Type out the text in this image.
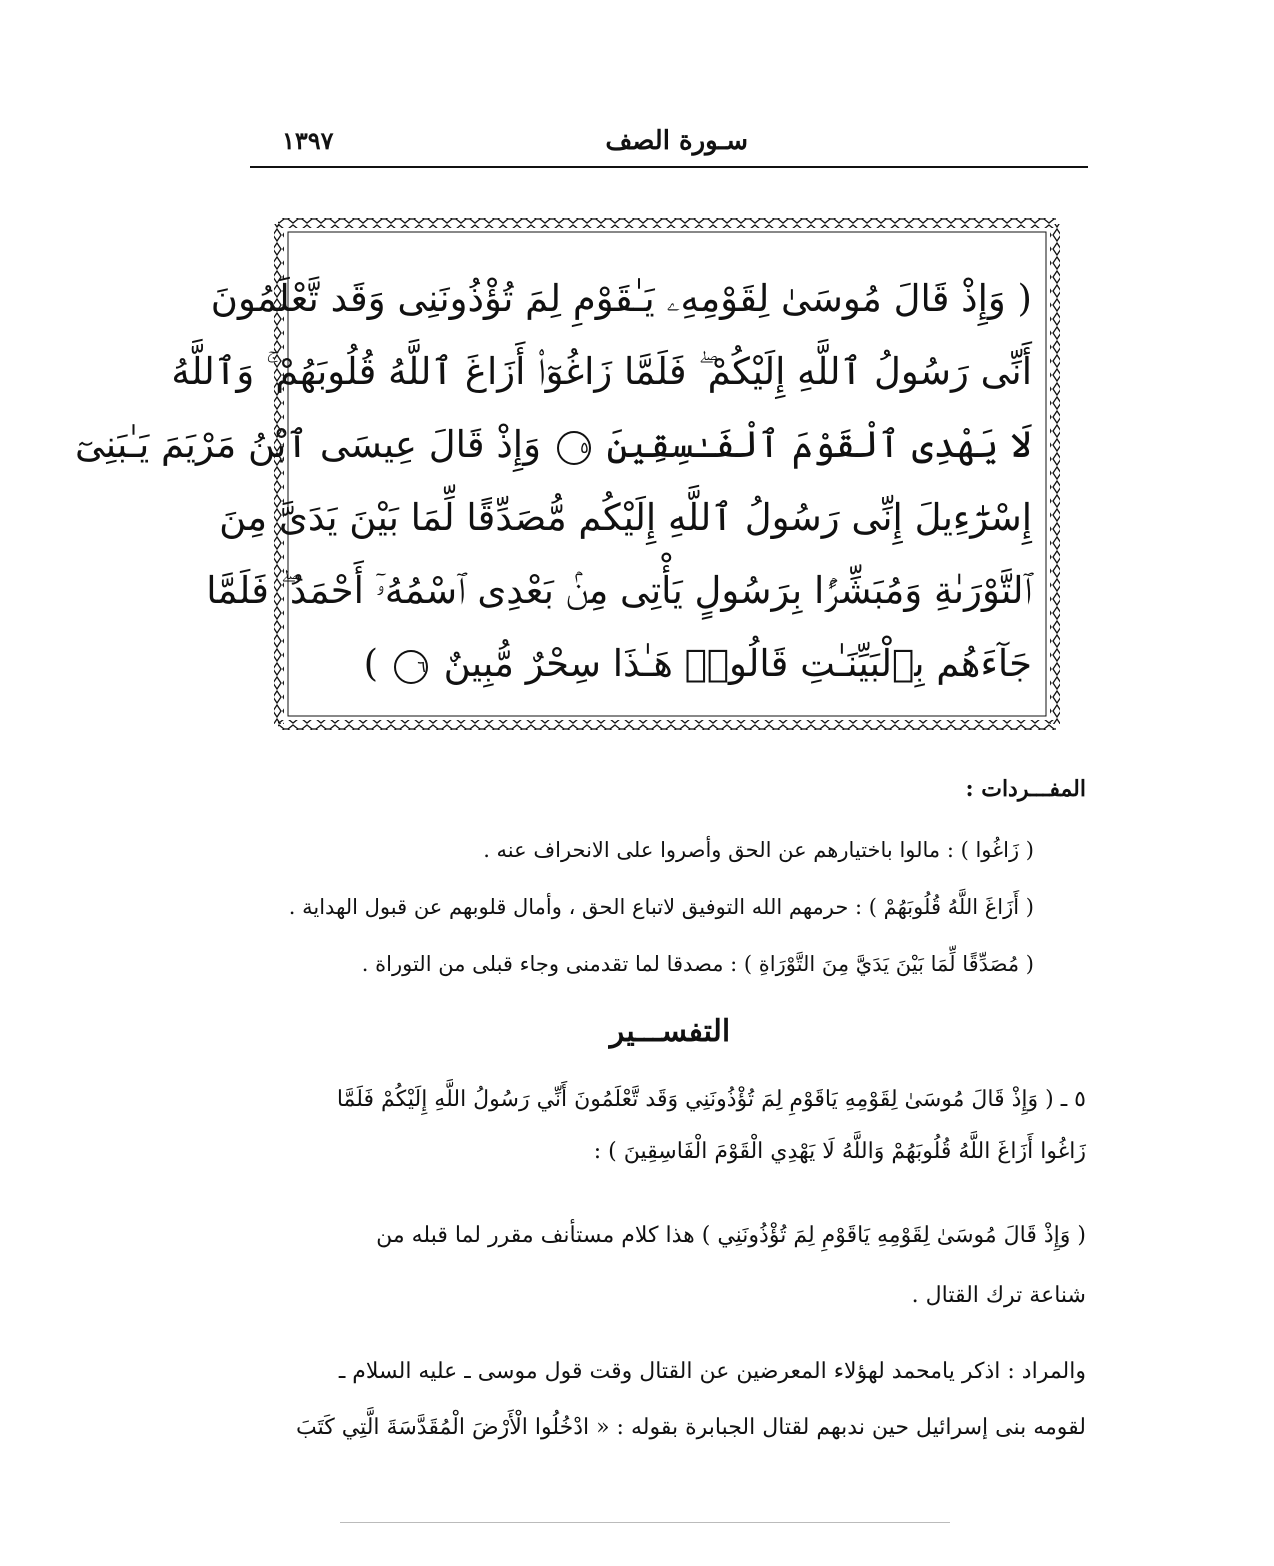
سـورة الصف
١٣٩٧
( وَإِذْ قَالَ مُوسَىٰ لِقَوْمِهِۦ يَـٰقَوْمِ لِمَ تُؤْذُونَنِى وَقَد تَّعْلَمُونَ
أَنِّى رَسُولُ ٱللَّهِ إِلَيْكُمْ ۖ فَلَمَّا زَاغُوٓا۟ أَزَاغَ ٱللَّهُ قُلُوبَهُمْ ۚ وَٱللَّهُ
لَا يَهْدِى ٱلْقَوْمَ ٱلْفَـٰسِقِينَ ٥ وَإِذْ قَالَ عِيسَى ٱبْنُ مَرْيَمَ يَـٰبَنِىٓ
إِسْرَٰٓءِيلَ إِنِّى رَسُولُ ٱللَّهِ إِلَيْكُم مُّصَدِّقًا لِّمَا بَيْنَ يَدَىَّ مِنَ
ٱلتَّوْرَىٰةِ وَمُبَشِّرًۢا بِرَسُولٍ يَأْتِى مِنۢ بَعْدِى ٱسْمُهُۥٓ أَحْمَدُ ۖ فَلَمَّا
جَآءَهُم بِٱلْبَيِّنَـٰتِ قَالُوا۟ هَـٰذَا سِحْرٌ مُّبِينٌ ٦ )
المفـــردات :
( زَاغُوا ) : مالوا باختيارهم عن الحق وأصروا على الانحراف عنه .
( أَزَاغَ اللَّهُ قُلُوبَهُمْ ) : حرمهم الله التوفيق لاتباع الحق ، وأمال قلوبهم عن قبول الهداية .
( مُصَدِّقًا لِّمَا بَيْنَ يَدَيَّ مِنَ التَّوْرَاةِ ) : مصدقا لما تقدمنى وجاء قبلى من التوراة .
التفســـير
٥ ـ ( وَإِذْ قَالَ مُوسَىٰ لِقَوْمِهِ يَاقَوْمِ لِمَ تُؤْذُونَنِي وَقَد تَّعْلَمُونَ أَنِّي رَسُولُ اللَّهِ إِلَيْكُمْ فَلَمَّا
زَاغُوا أَزَاغَ اللَّهُ قُلُوبَهُمْ وَاللَّهُ لَا يَهْدِي الْقَوْمَ الْفَاسِقِينَ ) :
( وَإِذْ قَالَ مُوسَىٰ لِقَوْمِهِ يَاقَوْمِ لِمَ تُؤْذُونَنِي ) هذا كلام مستأنف مقرر لما قبله من
شناعة ترك القتال .
والمراد : اذكر يامحمد لهؤلاء المعرضين عن القتال وقت قول موسى ـ عليه السلام ـ
لقومه بنى إسرائيل حين ندبهم لقتال الجبابرة بقوله : « ادْخُلُوا الْأَرْضَ الْمُقَدَّسَةَ الَّتِي كَتَبَ
